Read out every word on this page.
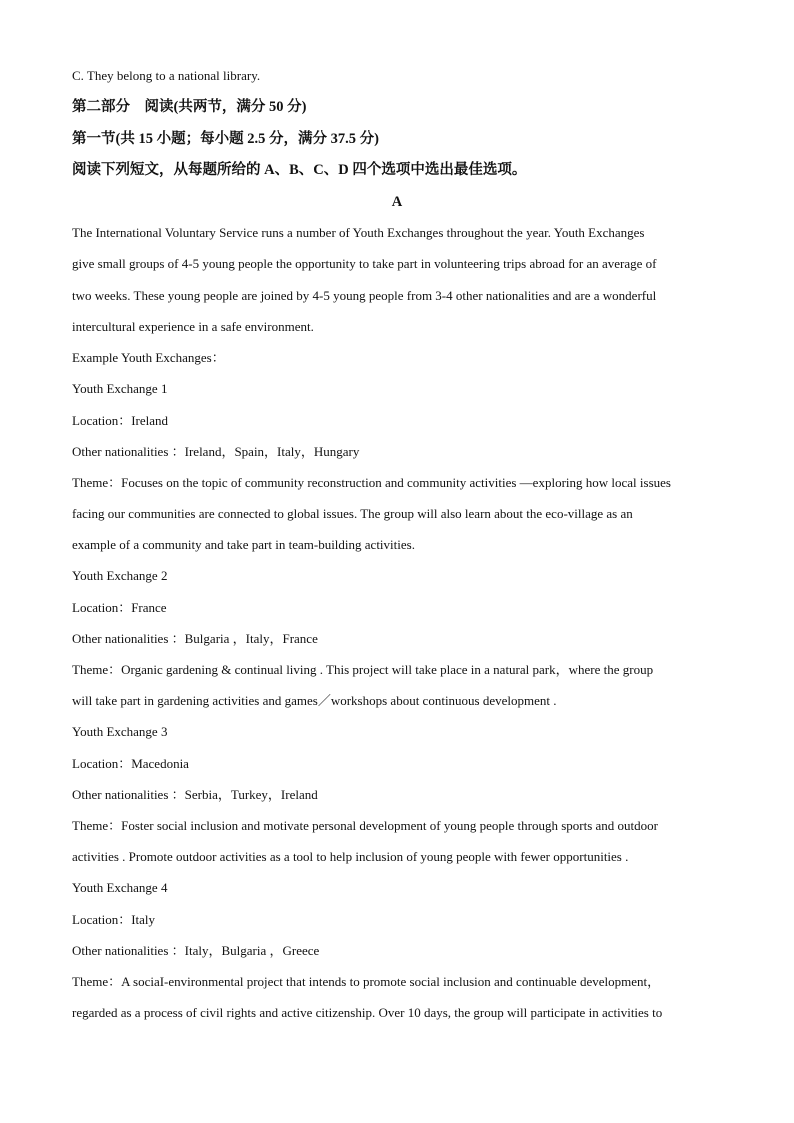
C. They belong to a national library.
第二部分　阅读(共两节，满分 50 分)
第一节(共 15 小题；每小题 2.5 分，满分 37.5 分)
阅读下列短文，从每题所给的 A、B、C、D 四个选项中选出最佳选项。
A
The International Voluntary Service runs a number of Youth Exchanges throughout the year. Youth Exchanges
give small groups of 4-5 young people the opportunity to take part in volunteering trips abroad for an average of
two weeks. These young people are joined by 4-5 young people from 3-4 other nationalities and are a wonderful
intercultural experience in a safe environment.
Example Youth Exchanges：
Youth Exchange 1
Location：Ireland
Other nationalities ：Ireland，Spain，Italy，Hungary
Theme：Focuses on the topic of community reconstruction and community activities —exploring how local issues
facing our communities are connected to global issues. The group will also learn about the eco-village as an
example of a community and take part in team-building activities.
Youth Exchange 2
Location：France
Other nationalities ：Bulgaria ，Italy，France
Theme：Organic gardening & continual living . This project will take place in a natural park，where the group
will take part in gardening activities and games／workshops about continuous development .
Youth Exchange 3
Location：Macedonia
Other nationalities ：Serbia，Turkey，Ireland
Theme：Foster social inclusion and motivate personal development of young people through sports and outdoor
activities . Promote outdoor activities as a tool to help inclusion of young people with fewer opportunities .
Youth Exchange 4
Location：Italy
Other nationalities ：Italy，Bulgaria ，Greece
Theme：A sociaI-environmental project that intends to promote social inclusion and continuable development，
regarded as a process of civil rights and active citizenship. Over 10 days, the group will participate in activities to
